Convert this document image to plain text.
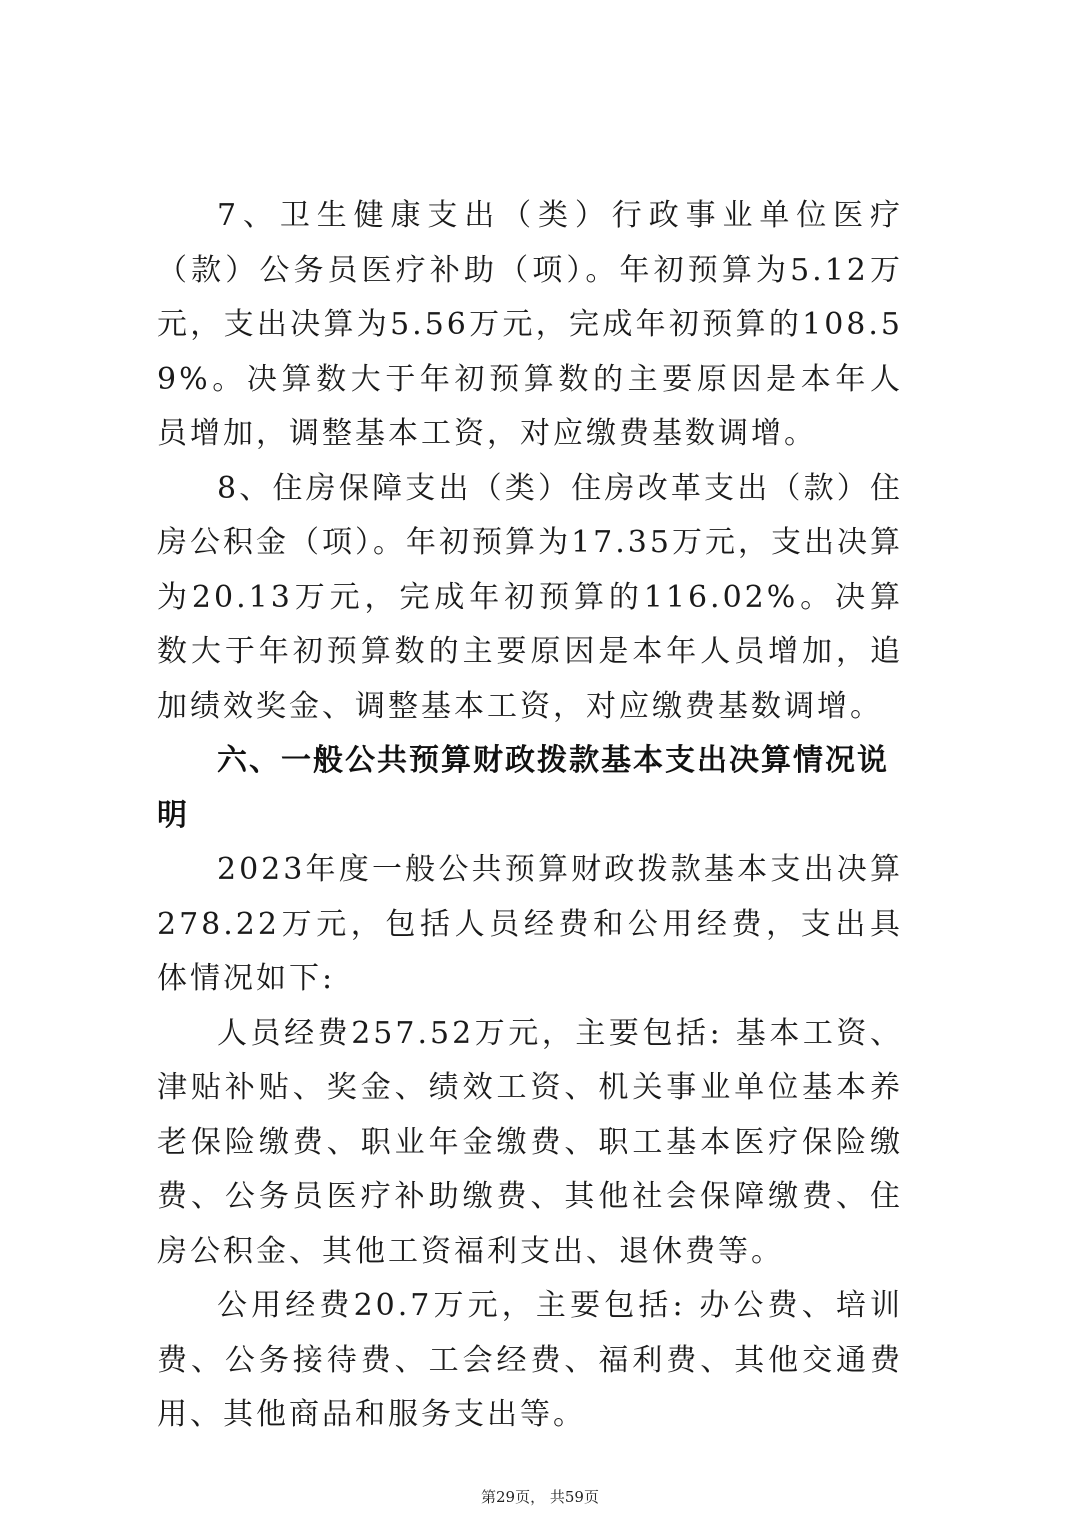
7、卫生健康支出（类）行政事业单位医疗（款）公务员医疗补助（项）。年初预算为5.12万元，支出决算为5.56万元，完成年初预算的108.59%。决算数大于年初预算数的主要原因是本年人员增加，调整基本工资，对应缴费基数调增。

8、住房保障支出（类）住房改革支出（款）住房公积金（项）。年初预算为17.35万元，支出决算为20.13万元，完成年初预算的116.02%。决算数大于年初预算数的主要原因是本年人员增加，追加绩效奖金、调整基本工资，对应缴费基数调增。

六、一般公共预算财政拨款基本支出决算情况说明

2023年度一般公共预算财政拨款基本支出决算278.22万元，包括人员经费和公用经费，支出具体情况如下:

人员经费257.52万元，主要包括: 基本工资、津贴补贴、奖金、绩效工资、机关事业单位基本养老保险缴费、职业年金缴费、职工基本医疗保险缴费、公务员医疗补助缴费、其他社会保障缴费、住房公积金、其他工资福利支出、退休费等。

公用经费20.7万元，主要包括: 办公费、培训费、公务接待费、工会经费、福利费、其他交通费用、其他商品和服务支出等。

第29页， 共59页
